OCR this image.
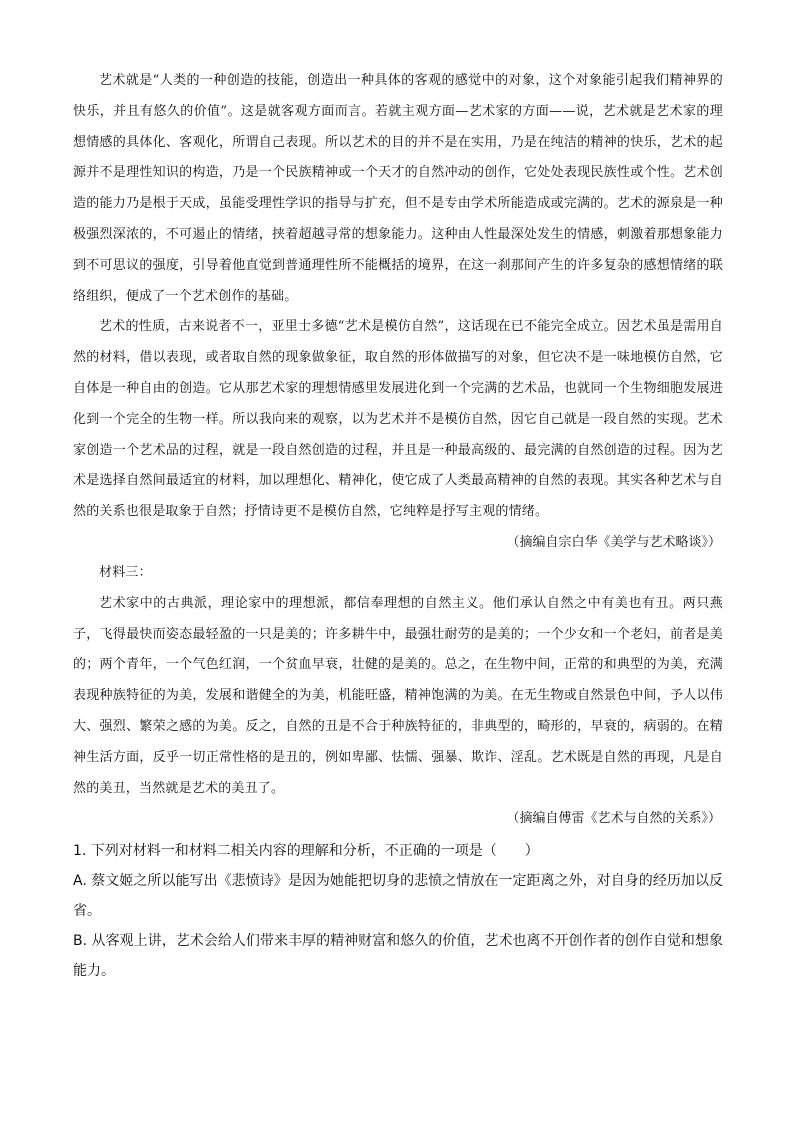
艺术就是“人类的一种创造的技能，创造出一种具体的客观的感觉中的对象，这个对象能引起我们精神界的快乐，并且有悠久的价值”。这是就客观方面而言。若就主观方面—艺术家的方面——说，艺术就是艺术家的理想情感的具体化、客观化，所谓自己表现。所以艺术的目的并不是在实用，乃是在纯洁的精神的快乐，艺术的起源并不是理性知识的构造，乃是一个民族精神或一个天才的自然冲动的创作，它处处表现民族性或个性。艺术创造的能力乃是根于天成，虽能受理性学识的指导与扩充，但不是专由学术所能造成或完满的。艺术的源泉是一种极强烈深浓的，不可遏止的情绪，挟着超越寻常的想象能力。这种由人性最深处发生的情感，刺激着那想象能力到不可思议的强度，引导着他直觉到普通理性所不能概括的境界，在这一刹那间产生的许多复杂的感想情绪的联络组织，便成了一个艺术创作的基础。

艺术的性质，古来说者不一，亚里士多德“艺术是模仿自然”，这话现在已不能完全成立。因艺术虽是需用自然的材料，借以表现，或者取自然的现象做象征，取自然的形体做描写的对象，但它决不是一味地模仿自然，它自体是一种自由的创造。它从那艺术家的理想情感里发展进化到一个完满的艺术品，也就同一个生物细胞发展进化到一个完全的生物一样。所以我向来的观察，以为艺术并不是模仿自然，因它自己就是一段自然的实现。艺术家创造一个艺术品的过程，就是一段自然创造的过程，并且是一种最高级的、最完满的自然创造的过程。因为艺术是选择自然间最适宜的材料，加以理想化、精神化，使它成了人类最高精神的自然的表现。其实各种艺术与自然的关系也很是取象于自然；抒情诗更不是模仿自然，它纯粹是抒写主观的情绪。

（摘编自宗白华《美学与艺术略谈》）

材料三：

艺术家中的古典派，理论家中的理想派，都信奉理想的自然主义。他们承认自然之中有美也有丑。两只燕子，飞得最快而姿态最轻盈的一只是美的；许多耕牛中，最强壮耐劳的是美的；一个少女和一个老妇，前者是美的；两个青年，一个气色红润，一个贫血早衰，壮健的是美的。总之，在生物中间，正常的和典型的为美，充满表现种族特征的为美，发展和谐健全的为美，机能旺盛，精神饱满的为美。在无生物或自然景色中间，予人以伟大、强烈、繁荣之感的为美。反之，自然的丑是不合于种族特征的，非典型的，畸形的，早衰的，病弱的。在精神生活方面，反乎一切正常性格的是丑的，例如卑鄙、怯懦、强暴、欺诈、淫乱。艺术既是自然的再现，凡是自然的美丑，当然就是艺术的美丑了。

（摘编自傅雷《艺术与自然的关系》）

1. 下列对材料一和材料二相关内容的理解和分析，不正确的一项是（　　）

A. 蔡文姬之所以能写出《悲愤诗》是因为她能把切身的悲愤之情放在一定距离之外，对自身的经历加以反省。

B. 从客观上讲，艺术会给人们带来丰厚的精神财富和悠久的价值，艺术也离不开创作者的创作自觉和想象能力。
